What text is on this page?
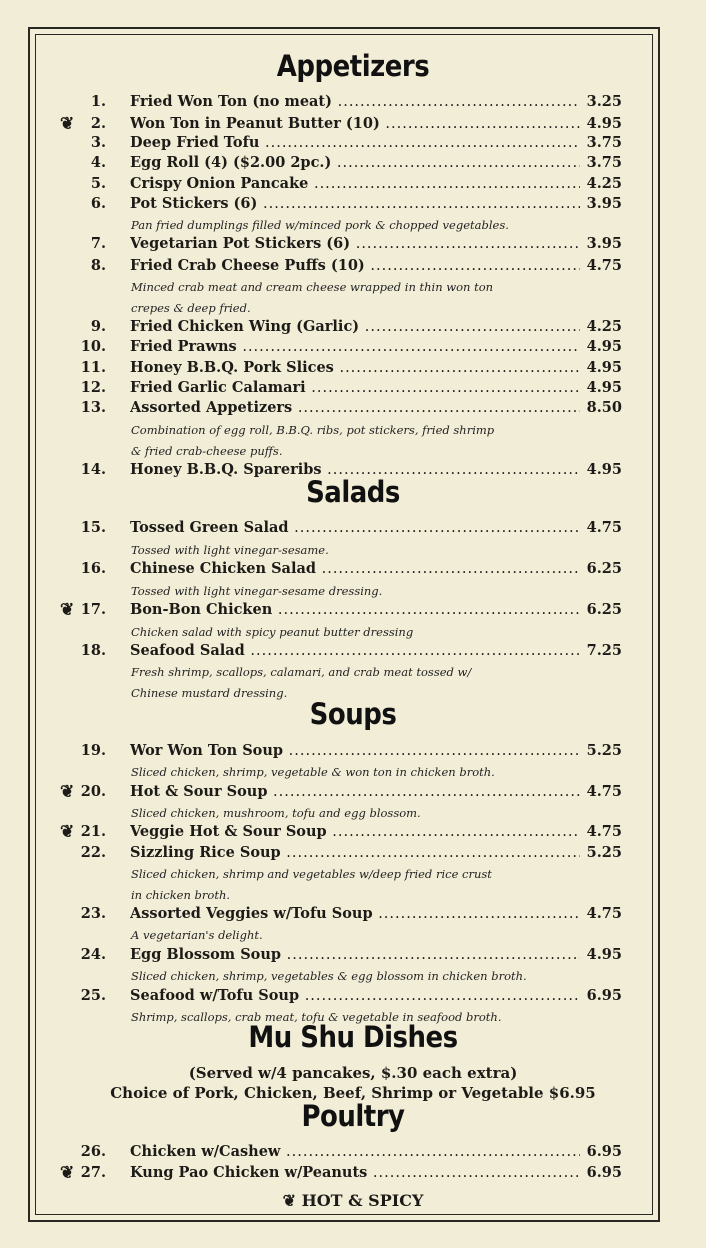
Appetizers
Salads
Soups
Mu Shu Dishes
Poultry
1. Fried Won Ton (no meat) .....	3.25
❦	2. Won Ton in Peanut Butter (10) .....	4.95
3. Deep Fried Tofu .....	3.75
4. Egg Roll (4) ($2.00 2pc.) .....	3.75
5. Crispy Onion Pancake .....	4.25
6. Pot Stickers (6) .....	3.95
7. Vegetarian Pot Stickers (6) .....	3.95
8. Fried Crab Cheese Puffs (10) .....	4.75
9. Fried Chicken Wing (Garlic) .....	4.25
10. Fried Prawns .....	4.95
11. Honey B.B.Q. Pork Slices .....	4.95
12. Fried Garlic Calamari .....	4.95
13. Assorted Appetizers .....	8.50
14. Honey B.B.Q. Spareribs .....	4.95
15. Tossed Green Salad .....	4.75
16. Chinese Chicken Salad .....	6.25
❦ 17. Bon-Bon Chicken .....	6.25
18. Seafood Salad .....	7.25
19. Wor Won Ton Soup .....	5.25
❦ 20. Hot & Sour Soup .....	4.75
❦ 21. Veggie Hot & Sour Soup .....	4.75
22. Sizzling Rice Soup .....	5.25
23. Assorted Veggies w/Tofu Soup .....	4.75
24. Egg Blossom Soup .....	4.95
25. Seafood w/Tofu Soup .....	6.95
26. Chicken w/Cashew .....	6.95
❦ 27. Kung Pao Chicken w/Peanuts .....	6.95
Pan fried dumplings filled w/minced pork & chopped vegetables.
Minced crab meat and cream cheese wrapped in thin won ton
crepes & deep fried.
Combination of egg roll, B.B.Q. ribs, pot stickers, fried shrimp
& fried crab-cheese puffs.
Tossed with light vinegar-sesame.
Tossed with light vinegar-sesame dressing.
Chicken salad with spicy peanut butter dressing
Fresh shrimp, scallops, calamari, and crab meat tossed w/
Chinese mustard dressing.
Sliced chicken, shrimp, vegetable & won ton in chicken broth.
Sliced chicken, mushroom, tofu and egg blossom.
Sliced chicken, shrimp and vegetables w/deep fried rice crust
in chicken broth.
A vegetarian's delight.
Sliced chicken, shrimp, vegetables & egg blossom in chicken broth.
Shrimp, scallops, crab meat, tofu & vegetable in seafood broth.
(Served w/4 pancakes, $.30 each extra)
Choice of Pork, Chicken, Beef, Shrimp or Vegetable $6.95
❦ HOT & SPICY
